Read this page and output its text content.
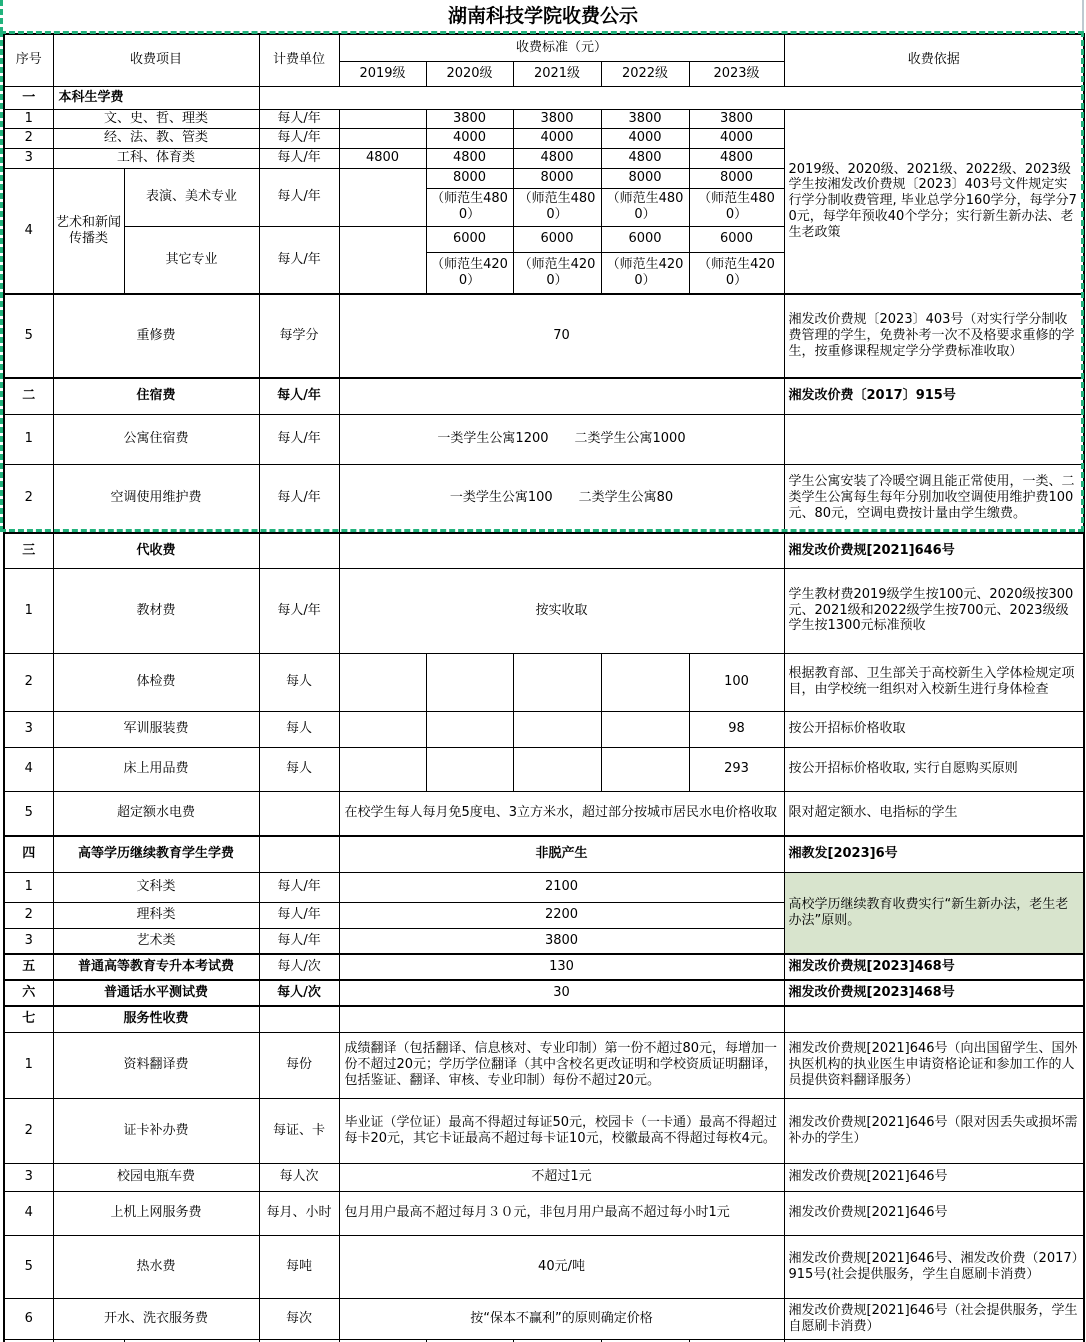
湖南科技学院收费公示
序号	收费项目		计费单位	收费标准（元）					收费依据
				2019级	2020级	2021级	2022级	2023级	
一	本科生学费								
1	文、史、哲、理类		每人/年		3800	3800	3800	3800	2019级、2020级、2021级、2022级、2023级学生按湘发改价费规〔2023〕403号文件规定实行学分制收费管理, 毕业总学分160学分，每学分70元，每学年预收40个学分；实行新生新办法、老生老政策
2	经、法、教、管类		每人/年		4000	4000	4000	4000	
3	工科、体育类		每人/年	4800	4800	4800	4800	4800	
4	艺术和新闻传播类	表演、美术专业	每人/年		8000	8000	8000	8000	
					（师范生4800）	（师范生4800）	（师范生4800）	（师范生4800）	
		其它专业	每人/年		6000	6000	6000	6000	
					（师范生4200）	（师范生4200）	（师范生4200）	（师范生4200）	
5	重修费		每学分	70					湘发改价费规〔2023〕403号（对实行学分制收费管理的学生，免费补考一次不及格要求重修的学生，按重修课程规定学分学费标准收取）
二	住宿费		每人/年						湘发改价费〔2017〕915号
1	公寓住宿费		每人/年	一类学生公寓1200　　二类学生公寓1000					
2	空调使用维护费		每人/年	一类学生公寓100　　二类学生公寓80					学生公寓安装了冷暖空调且能正常使用，一类、二类学生公寓每生每年分别加收空调使用维护费100元、80元，空调电费按计量由学生缴费。
三	代收费								湘发改价费规[2021]646号
1	教材费		每人/年	按实收取					学生教材费2019级学生按100元、2020级按300元、2021级和2022级学生按700元、2023级级学生按1300元标准预收
2	体检费		每人					100	根据教育部、卫生部关于高校新生入学体检规定项目，由学校统一组织对入校新生进行身体检查
3	军训服装费		每人					98	按公开招标价格收取
4	床上用品费		每人					293	按公开招标价格收取, 实行自愿购买原则
5	超定额水电费			在校学生每人每月免5度电、3立方米水，超过部分按城市居民水电价格收取					限对超定额水、电指标的学生
四	高等学历继续教育学生学费			非脱产生					湘教发[2023]6号
1	文科类		每人/年	2100					高校学历继续教育收费实行“新生新办法，老生老办法”原则。
2	理科类		每人/年	2200					
3	艺术类		每人/年	3800					
五	普通高等教育专升本考试费		每人/次	130					湘发改价费规[2023]468号
六	普通话水平测试费		每人/次	30					湘发改价费规[2023]468号
七	服务性收费								
1	资料翻译费		每份	成绩翻译（包括翻译、信息核对、专业印制）第一份不超过80元，每增加一份不超过20元；学历学位翻译（其中含校名更改证明和学校资质证明翻译，包括鉴证、翻译、审核、专业印制）每份不超过20元。					湘发改价费规[2021]646号（向出国留学生、国外执医机构的执业医生申请资格论证和参加工作的人员提供资料翻译服务）
2	证卡补办费		每证、卡	毕业证（学位证）最高不得超过每证50元，校园卡（一卡通）最高不得超过每卡20元，其它卡证最高不超过每卡证10元，校徽最高不得超过每枚4元。					湘发改价费规[2021]646号（限对因丢失或损坏需补办的学生）
3	校园电瓶车费		每人次	不超过1元					湘发改价费规[2021]646号
4	上机上网服务费		每月、小时	包月用户最高不超过每月３０元，非包月用户最高不超过每小时1元					湘发改价费规[2021]646号
5	热水费		每吨	40元/吨					湘发改价费规[2021]646号、湘发改价费（2017）915号(社会提供服务，学生自愿刷卡消费）
6	开水、洗衣服务费		每次	按“保本不赢利”的原则确定价格					湘发改价费规[2021]646号（社会提供服务，学生自愿刷卡消费）
